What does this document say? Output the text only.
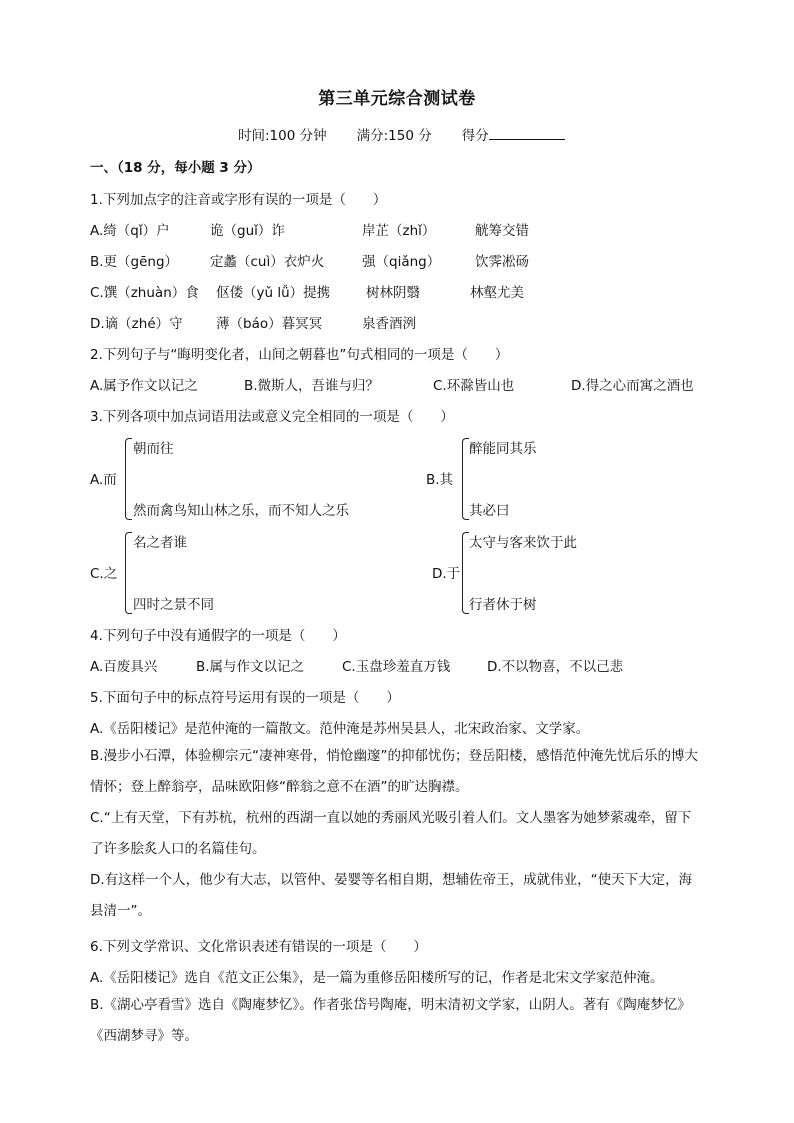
第三单元综合测试卷
时间:100 分钟 满分:150 分 得分
一、（18 分，每小题 3 分）
1.下列加点字的注音或字形有误的一项是（　　）
A.绮（qǐ）户	诡（guǐ）诈	岸芷（zhǐ）	觥筹交错
B.更（gēng） 定蠡（cuì）衣炉火	强（qiǎng）	饮霁凇砀
C.馔（zhuàn）食 伛偻（yǔ lǚ）提携	树林阴翳	林壑尤美
D.谪（zhé）守 薄（báo）暮冥冥	泉香酒洌
2.下列句子与“晦明变化者，山间之朝暮也”句式相同的一项是（　　）
A.属予作文以记之	B.微斯人，吾谁与归？	C.环滁皆山也	D.得之心而寓之酒也
3.下列各项中加点词语用法或意义完全相同的一项是（　　）
A.而
朝而往
然而禽鸟知山林之乐，而不知人之乐
B.其
醉能同其乐
其必曰
C.之
名之者谁
四时之景不同
D.于
太守与客来饮于此
行者休于树
4.下列句子中没有通假字的一项是（　　）
A.百废具兴	B.属与作文以记之	C.玉盘珍羞直万钱	D.不以物喜，不以己悲
5.下面句子中的标点符号运用有误的一项是（　　）
A.《岳阳楼记》是范仲淹的一篇散文。范仲淹是苏州吴县人，北宋政治家、文学家。
B.漫步小石潭，体验柳宗元“凄神寒骨，悄怆幽邃”的抑郁忧伤；登岳阳楼，感悟范仲淹先忧后乐的博大情怀；登上醉翁亭，品味欧阳修“醉翁之意不在酒”的旷达胸襟。
C.“上有天堂，下有苏杭，杭州的西湖一直以她的秀丽风光吸引着人们。文人墨客为她梦萦魂牵，留下了许多脍炙人口的名篇佳句。
D.有这样一个人，他少有大志，以管仲、晏婴等名相自期，想辅佐帝王，成就伟业，“使天下大定，海县清一”。
6.下列文学常识、文化常识表述有错误的一项是（　　）
A.《岳阳楼记》选自《范文正公集》，是一篇为重修岳阳楼所写的记，作者是北宋文学家范仲淹。
B.《湖心亭看雪》选自《陶庵梦忆》。作者张岱号陶庵，明末清初文学家，山阴人。著有《陶庵梦忆》《西湖梦寻》等。
